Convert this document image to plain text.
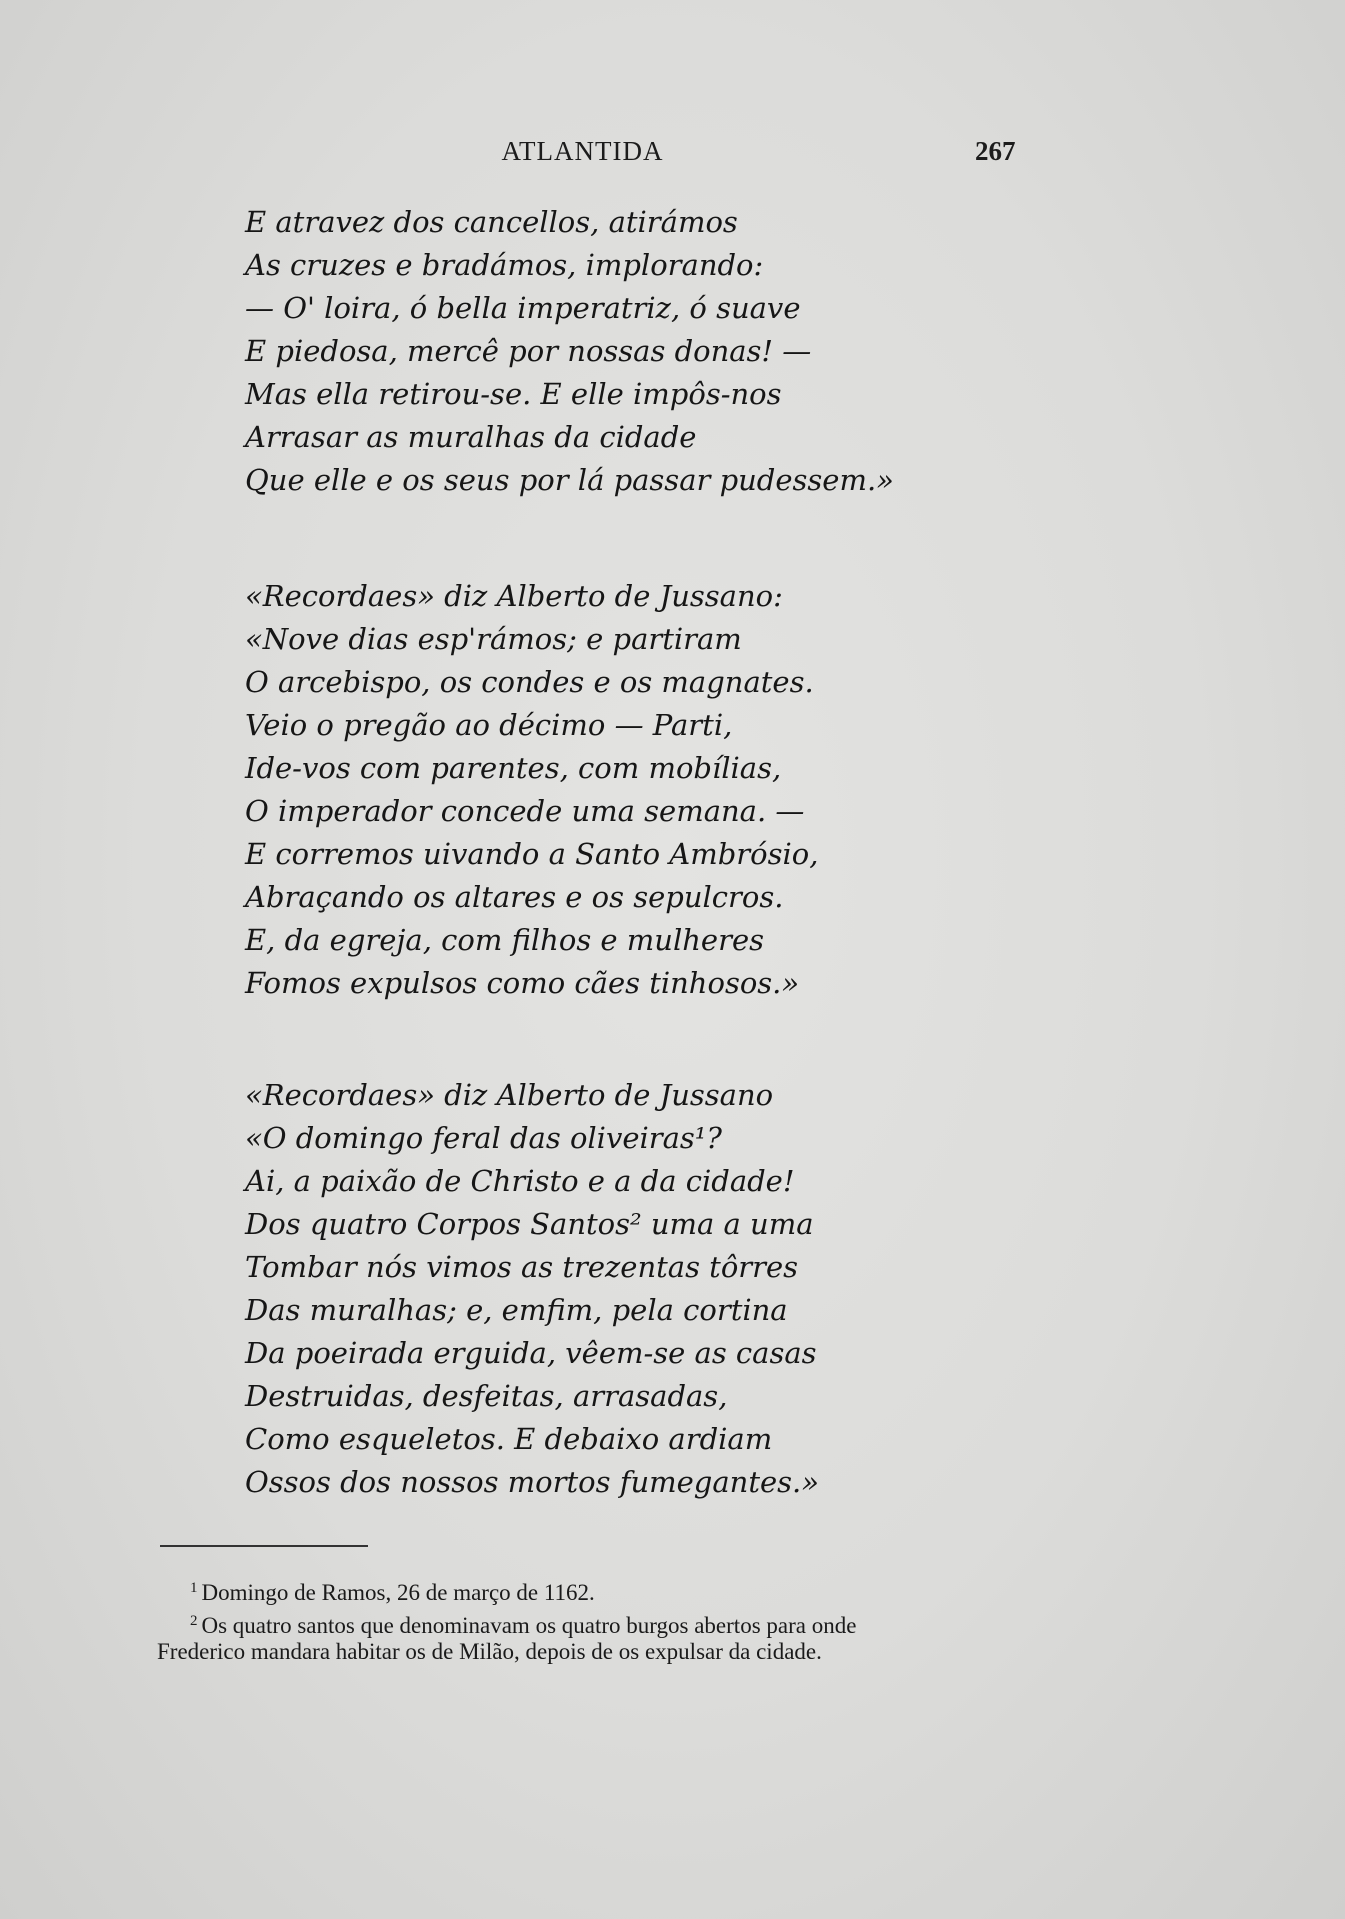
ATLANTIDA	267
E atravez dos cancellos, atirámos
As cruzes e bradámos, implorando:
— O' loira, ó bella imperatriz, ó suave
E piedosa, mercê por nossas donas! —
Mas ella retirou-se. E elle impôs-nos
Arrasar as muralhas da cidade
Que elle e os seus por lá passar pudessem.»
«Recordaes» diz Alberto de Jussano:
«Nove dias esp'rámos; e partiram
O arcebispo, os condes e os magnates.
Veio o pregão ao décimo — Parti,
Ide-vos com parentes, com mobílias,
O imperador concede uma semana. —
E corremos uivando a Santo Ambrósio,
Abraçando os altares e os sepulcros.
E, da egreja, com filhos e mulheres
Fomos expulsos como cães tinhosos.»
«Recordaes» diz Alberto de Jussano
«O domingo feral das oliveiras¹?
Ai, a paixão de Christo e a da cidade!
Dos quatro Corpos Santos² uma a uma
Tombar nós vimos as trezentas tôrres
Das muralhas; e, emfim, pela cortina
Da poeirada erguida, vêem-se as casas
Destruidas, desfeitas, arrasadas,
Como esqueletos. E debaixo ardiam
Ossos dos nossos mortos fumegantes.»
$^1$ Domingo de Ramos, 26 de março de 1162.
$^2$ Os quatro santos que denominavam os quatro burgos abertos para onde
Frederico mandara habitar os de Milão, depois de os expulsar da cidade.
